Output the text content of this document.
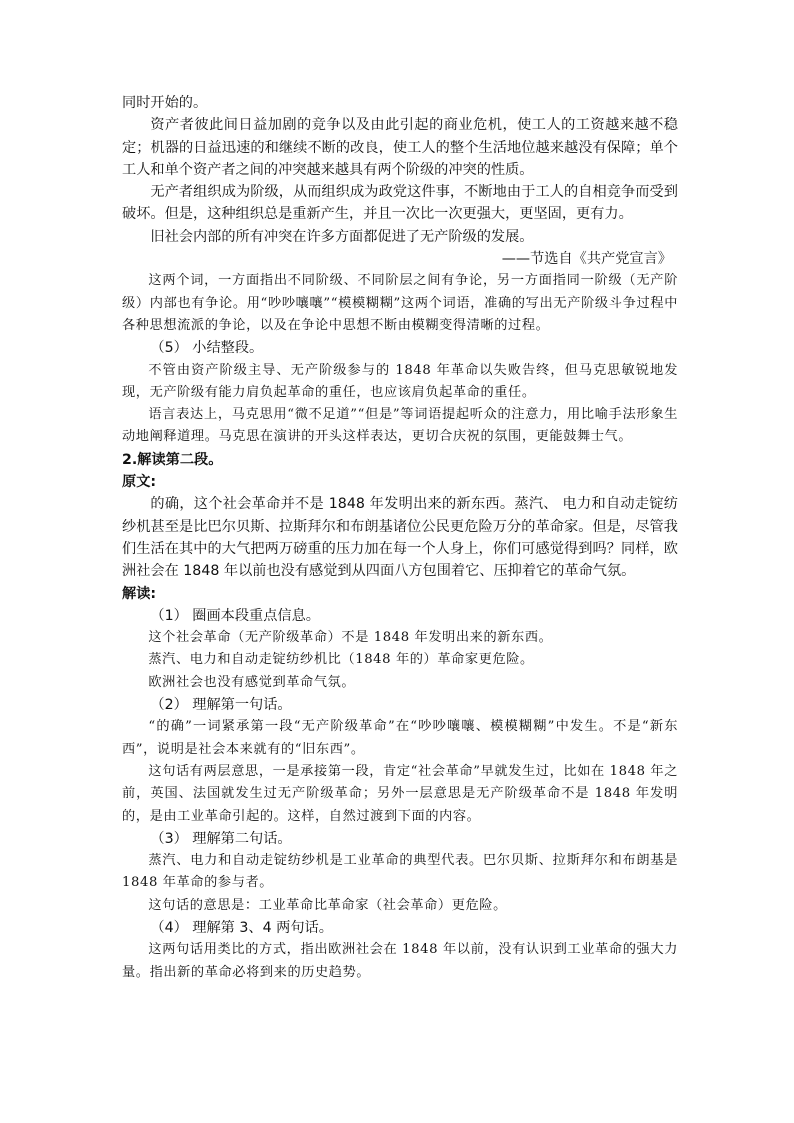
同时开始的。

资产者彼此间日益加剧的竞争以及由此引起的商业危机，使工人的工资越来越不稳定；机器的日益迅速的和继续不断的改良，使工人的整个生活地位越来越没有保障；单个工人和单个资产者之间的冲突越来越具有两个阶级的冲突的性质。

无产者组织成为阶级，从而组织成为政党这件事，不断地由于工人的自相竞争而受到破坏。但是，这种组织总是重新产生，并且一次比一次更强大，更坚固，更有力。

旧社会内部的所有冲突在许多方面都促进了无产阶级的发展。

——节选自《共产党宣言》

这两个词，一方面指出不同阶级、不同阶层之间有争论，另一方面指同一阶级（无产阶级）内部也有争论。用“吵吵嚷嚷”“模模糊糊”这两个词语，准确的写出无产阶级斗争过程中各种思想流派的争论，以及在争论中思想不断由模糊变得清晰的过程。

（5） 小结整段。

不管由资产阶级主导、无产阶级参与的 1848 年革命以失败告终，但马克思敏锐地发现，无产阶级有能力肩负起革命的重任，也应该肩负起革命的重任。

语言表达上，马克思用“微不足道”“但是”等词语提起听众的注意力，用比喻手法形象生动地阐释道理。马克思在演讲的开头这样表达，更切合庆祝的氛围，更能鼓舞士气。

2.解读第二段。

原文:

的确，这个社会革命并不是 1848 年发明出来的新东西。蒸汽、 电力和自动走锭纺纱机甚至是比巴尔贝斯、拉斯拜尔和布朗基诸位公民更危险万分的革命家。但是，尽管我们生活在其中的大气把两万磅重的压力加在每一个人身上，你们可感觉得到吗？同样，欧洲社会在 1848 年以前也没有感觉到从四面八方包围着它、压抑着它的革命气氛。

解读:

（1） 圈画本段重点信息。

这个社会革命（无产阶级革命）不是 1848 年发明出来的新东西。

蒸汽、电力和自动走锭纺纱机比（1848 年的）革命家更危险。

欧洲社会也没有感觉到革命气氛。

（2） 理解第一句话。

“的确”一词紧承第一段“无产阶级革命”在“吵吵嚷嚷、模模糊糊”中发生。不是“新东西”，说明是社会本来就有的“旧东西”。

这句话有两层意思，一是承接第一段，肯定“社会革命”早就发生过，比如在 1848 年之前，英国、法国就发生过无产阶级革命；另外一层意思是无产阶级革命不是 1848 年发明的，是由工业革命引起的。这样，自然过渡到下面的内容。

（3） 理解第二句话。

蒸汽、电力和自动走锭纺纱机是工业革命的典型代表。巴尔贝斯、拉斯拜尔和布朗基是 1848 年革命的参与者。

这句话的意思是：工业革命比革命家（社会革命）更危险。

（4） 理解第 3、4 两句话。

这两句话用类比的方式，指出欧洲社会在 1848 年以前，没有认识到工业革命的强大力量。指出新的革命必将到来的历史趋势。
